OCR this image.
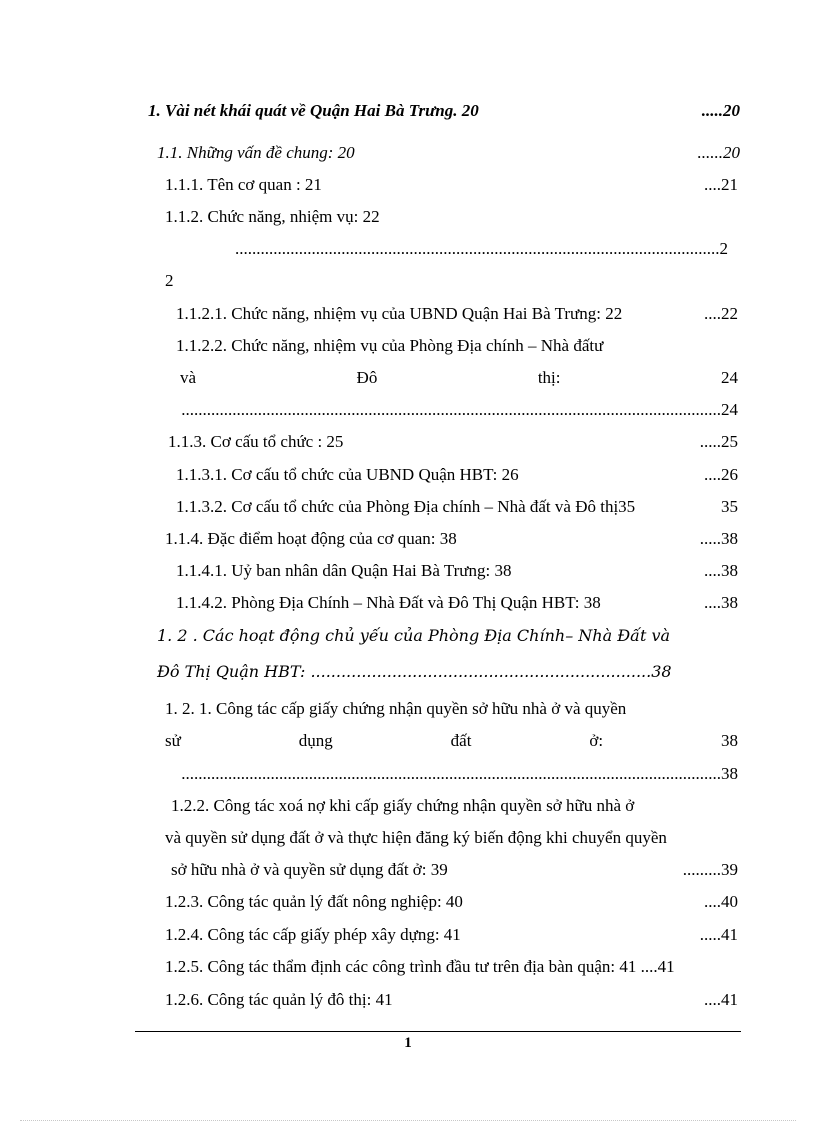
1. Vài nét khái quát về Quận Hai Bà Trưng. 20	.....20
1.1. Những vấn đề chung: 20	......20
1.1.1. Tên cơ quan : 21	....21
1.1.2. Chức năng, nhiệm vụ: 22
..................................................................................................................2
2
1.1.2.1. Chức năng, nhiệm vụ của UBND Quận Hai Bà Trưng: 22	....22
1.1.2.2. Chức năng, nhiệm vụ của Phòng Địa chính – Nhà đấtư
và	Đô	thị:	24
...............................................................................................................................24
1.1.3. Cơ cấu tổ chức : 25	.....25
1.1.3.1. Cơ cấu tổ chức của UBND Quận HBT: 26	....26
1.1.3.2. Cơ cấu tổ chức của Phòng Địa chính – Nhà đất và Đô thị35	35
1.1.4. Đặc điểm hoạt động của cơ quan: 38	.....38
1.1.4.1. Uỷ ban nhân dân Quận Hai Bà Trưng: 38	....38
1.1.4.2. Phòng Địa Chính – Nhà Đất và Đô Thị Quận HBT: 38	....38
1. 2 . Các hoạt động chủ yếu của Phòng Địa Chính– Nhà Đất và
Đô Thị Quận HBT: ...................................................................38
1. 2. 1. Công tác cấp giấy chứng nhận quyền sở hữu nhà ở và quyền
sử	dụng	đất	ở:	38
...............................................................................................................................38
1.2.2. Công tác xoá nợ khi cấp giấy chứng nhận quyền sở hữu nhà ở
và quyền sử dụng đất ở và thực hiện đăng ký biến động khi chuyển quyền
sở hữu nhà ở và quyền sử dụng đất ở: 39	.........39
1.2.3. Công tác quản lý đất nông nghiệp: 40	....40
1.2.4. Công tác cấp giấy phép xây dựng: 41	.....41
1.2.5. Công tác thẩm định các công trình đầu tư trên địa bàn quận: 41 ....41
1.2.6. Công tác quản lý đô thị: 41	....41
1
